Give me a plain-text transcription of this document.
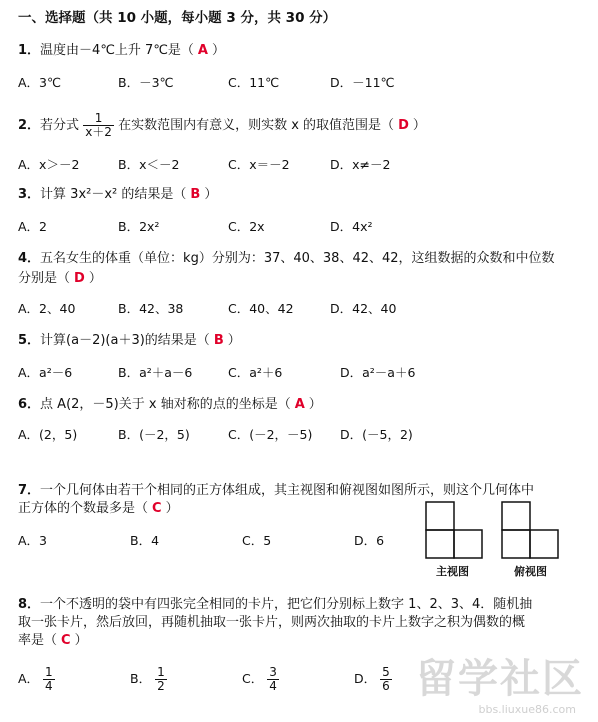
一、选择题（共 10 小题，每小题 3 分，共 30 分）
1．温度由－4℃上升 7℃是（ A ）
A．3℃	B．－3℃	C．11℃	D．－11℃
2．若分式 $\frac{1}{x+2}$ 在实数范围内有意义，则实数 x 的取值范围是（ D ）
A．x＞－2	B．x＜－2	C．x＝－2	D．x≠－2
3．计算 3x²－x² 的结果是（ B ）
A．2	B．2x²	C．2x	D．4x²
4．五名女生的体重（单位：kg）分别为：37、40、38、42、42，这组数据的众数和中位数
分别是（ D ）
A．2、40	B．42、38	C．40、42	D．42、40
5．计算(a－2)(a＋3)的结果是（ B ）
A．a²－6	B．a²＋a－6	C．a²＋6	D．a²－a＋6
6．点 A(2，－5)关于 x 轴对称的点的坐标是（ A ）
A．(2，5)	B．(－2，5)	C．(－2，－5) D．(－5，2)
7．一个几何体由若干个相同的正方体组成，其主视图和俯视图如图所示，则这个几何体中
正方体的个数最多是（ C ）
A．3	B．4	C．5	D．6
主视图	俯视图
8．一个不透明的袋中有四张完全相同的卡片，把它们分别标上数字 1、2、3、4．随机抽
取一张卡片，然后放回，再随机抽取一张卡片，则两次抽取的卡片上数字之积为偶数的概
率是（ C ）
A． $\frac{1}{4}$	B． $\frac{1}{2}$	C． $\frac{3}{4}$	D． $\frac{5}{6}$ 留学社区
bbs.liuxue86.com
